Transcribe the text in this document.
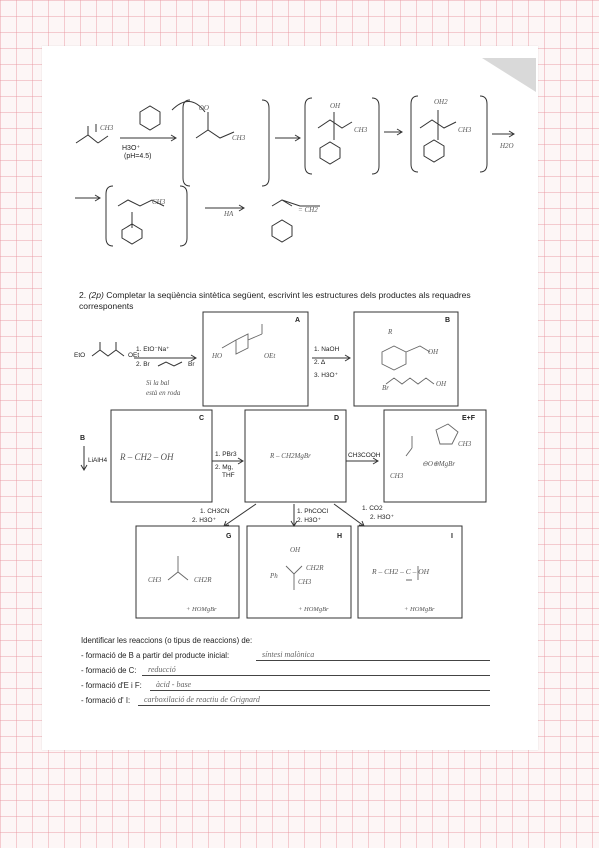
H3O⁺
(pH=4.5)
CH3
CH3
⊙O	OH
CH3
OH2
CH3
CH3
= CH2
HA
H2O
A	B
C	D	E+F
G	H	I
EtO	OEt
1. EtO⁻Na⁺
2. Br	Br
1. NaOH
2. Δ
3. H3O⁺
B
LiAlH4
1. PBr3
2. Mg,
THF
CH3COOH
1. CH3CN
2. H3O⁺
1. PhCOCl
2. H3O⁺
1. CO2
2. H3O⁺
Si la bal
està en roda
R – CH2 – OH	R – CH2MgBr
+ HOMgBr	+ HOMgBr
R – CH2 – C – OH
+ HOMgBr
HO	OEt
R
OH
OH
Br
CH3
⊖O⊕MgBr
CH3
CH3	CH2R	Ph
CH2R
CH3
OH
2. (2p) Completar la seqüència sintètica següent, escrivint les estructures dels productes als requadres corresponents
Identificar les reaccions (o tipus de reaccions) de:
- formació de B a partir del producte inicial:	síntesi malònica
- formació de C: reducció
- formació d'E i F: àcid - base
- formació d' I: carboxilació de reactiu de Grignard
